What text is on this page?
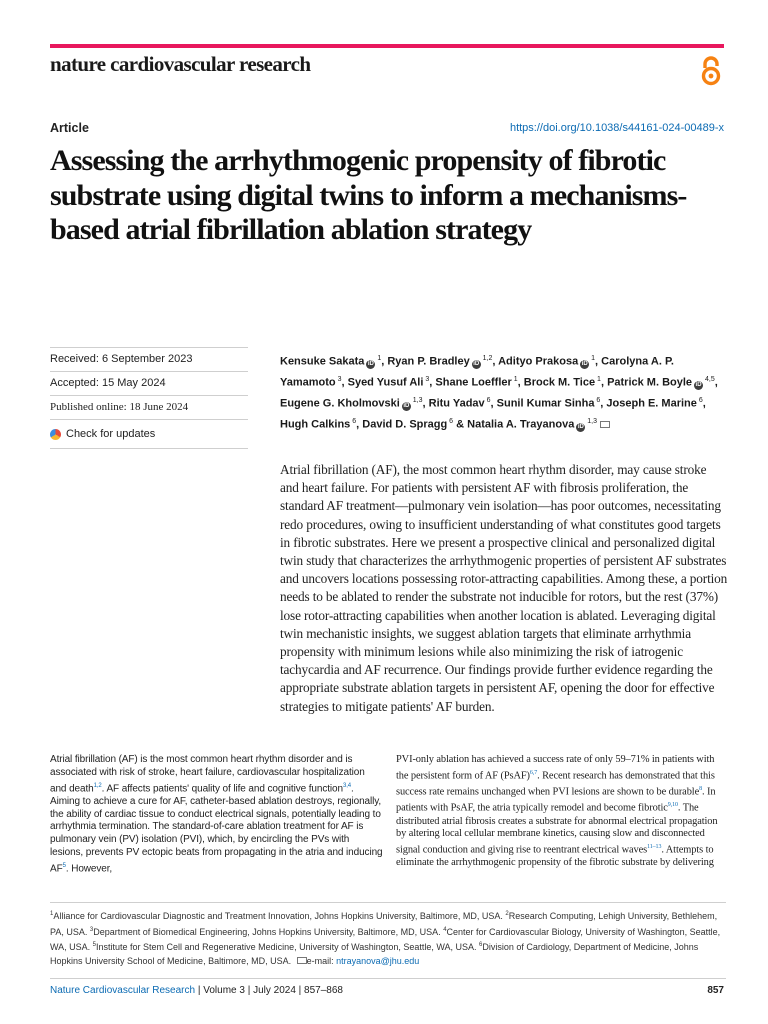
nature cardiovascular research
Article	https://doi.org/10.1038/s44161-024-00489-x
Assessing the arrhythmogenic propensity of fibrotic substrate using digital twins to inform a mechanisms-based atrial fibrillation ablation strategy
Received: 6 September 2023
Accepted: 15 May 2024
Published online: 18 June 2024
Check for updates

Kensuke Sakata iD $^1$, Ryan P. Bradley iD $^{1,2}$, Adityo Prakosa iD $^1$, Carolyna A. P. Yamamoto $^3$, Syed Yusuf Ali $^3$, Shane Loeffler $^1$, Brock M. Tice $^1$, Patrick M. Boyle iD $^{4,5}$, Eugene G. Kholmovski iD $^{1,3}$, Ritu Yadav $^6$, Sunil Kumar Sinha $^6$, Joseph E. Marine $^6$, Hugh Calkins $^6$, David D. Spragg $^6$ & Natalia A. Trayanova iD $^{1,3}$

Atrial fibrillation (AF), the most common heart rhythm disorder, may cause stroke and heart failure. For patients with persistent AF with fibrosis proliferation, the standard AF treatment—pulmonary vein isolation—has poor outcomes, necessitating redo procedures, owing to insufficient understanding of what constitutes good targets in fibrotic substrates. Here we present a prospective clinical and personalized digital twin study that characterizes the arrhythmogenic properties of persistent AF substrates and uncovers locations possessing rotor-attracting capabilities. Among these, a portion needs to be ablated to render the substrate not inducible for rotors, but the rest (37%) lose rotor-attracting capabilities when another location is ablated. Leveraging digital twin mechanistic insights, we suggest ablation targets that eliminate arrhythmia propensity with minimum lesions while also minimizing the risk of iatrogenic tachycardia and AF recurrence. Our findings provide further evidence regarding the appropriate substrate ablation targets in persistent AF, opening the door for effective strategies to mitigate patients' AF burden.

Atrial fibrillation (AF) is the most common heart rhythm disorder and is associated with risk of stroke, heart failure, cardiovascular hospitalization and death$^{1,2}$. AF affects patients' quality of life and cognitive function$^{3,4}$. Aiming to achieve a cure for AF, catheter-based ablation destroys, regionally, the ability of cardiac tissue to conduct electrical signals, potentially leading to arrhythmia termination. The standard-of-care ablation treatment for AF is pulmonary vein (PV) isolation (PVI), which, by encircling the PVs with lesions, prevents PV ectopic beats from propagating in the atria and inducing $AF^5$. However,

PVI-only ablation has achieved a success rate of only 59–71% in patients with the persistent form of AF (PsAF)$^{6,7}$. Recent research has demonstrated that this success rate remains unchanged when PVI lesions are shown to be durable$^8$. In patients with PsAF, the atria typically remodel and become fibrotic$^{9,10}$. The distributed atrial fibrosis creates a substrate for abnormal electrical propagation by altering local cellular membrane kinetics, causing slow and disconnected signal conduction and giving rise to reentrant electrical waves$^{11-13}$. Attempts to eliminate the arrhythmogenic propensity of the fibrotic substrate by delivering

$^1$Alliance for Cardiovascular Diagnostic and Treatment Innovation, Johns Hopkins University, Baltimore, MD, USA. $^2$Research Computing, Lehigh University, Bethlehem, PA, USA. $^3$Department of Biomedical Engineering, Johns Hopkins University, Baltimore, MD, USA. $^4$Center for Cardiovascular Biology, University of Washington, Seattle, WA, USA. $^5$Institute for Stem Cell and Regenerative Medicine, University of Washington, Seattle, WA, USA. $^6$Division of Cardiology, Department of Medicine, Johns Hopkins University School of Medicine, Baltimore, MD, USA. e-mail: ntrayanova@jhu.edu

Nature Cardiovascular Research | Volume 3 | July 2024 | 857–868	857
